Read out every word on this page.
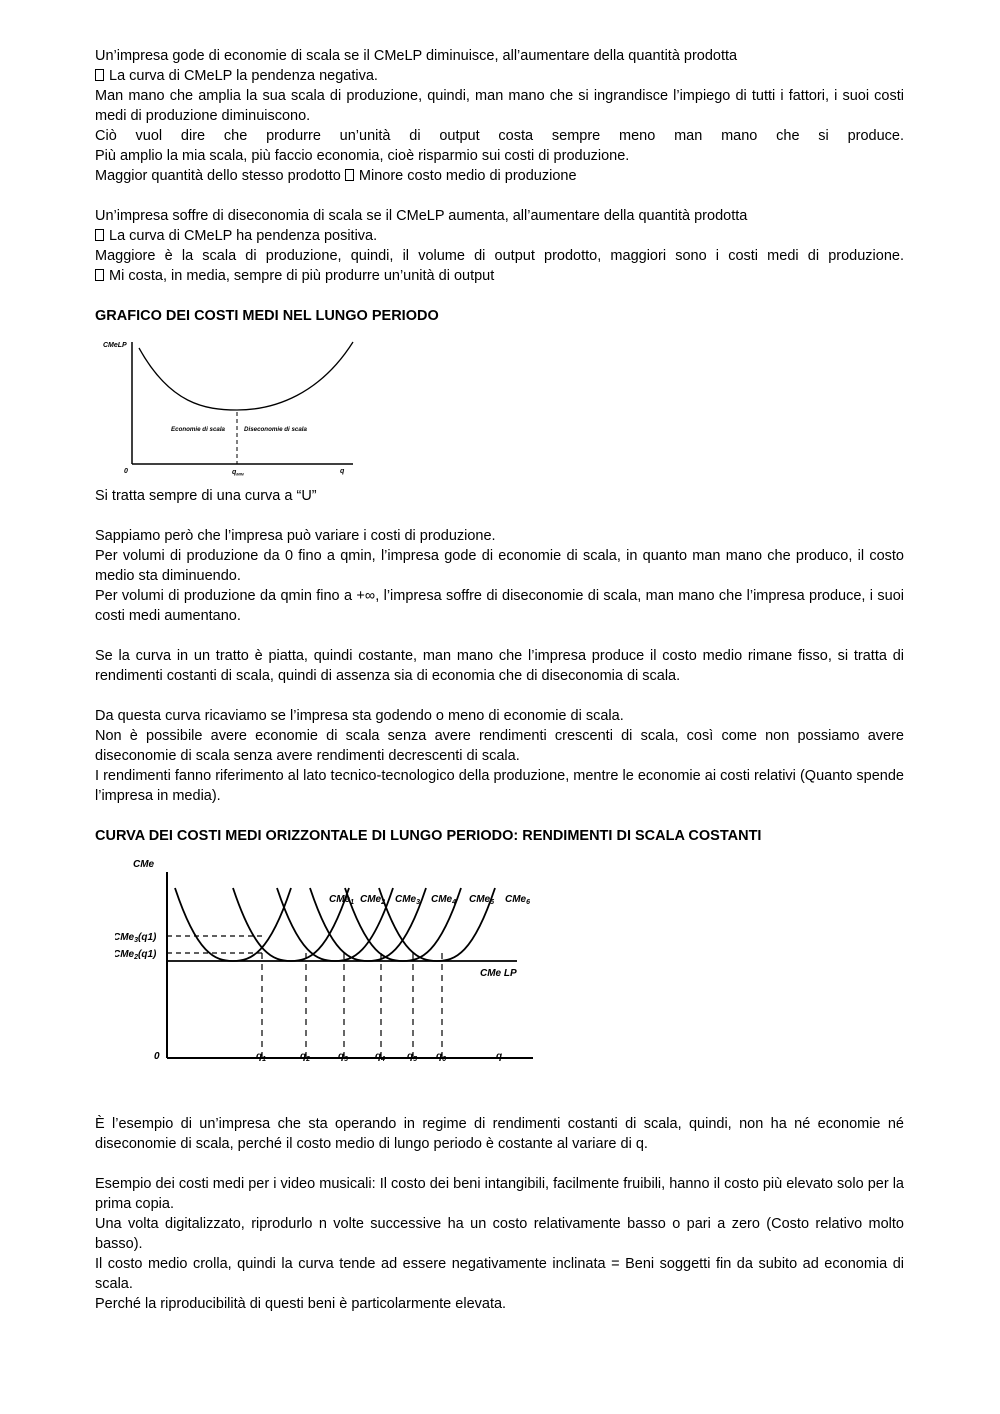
Un’impresa gode di economie di scala se il CMeLP diminuisce, all’aumentare della quantità prodotta

La curva di CMeLP la pendenza negativa.

Man mano che amplia la sua scala di produzione, quindi, man mano che si ingrandisce l’impiego di tutti i fattori, i suoi costi medi di produzione diminuiscono.

Ciò vuol dire che produrre un’unità di output costa sempre meno man mano che si produce.

Più amplio la mia scala, più faccio economia, cioè risparmio sui costi di produzione.

Maggior quantità dello stesso prodotto Minore costo medio di produzione

Un’impresa soffre di diseconomia di scala se il CMeLP aumenta, all’aumentare della quantità prodotta

La curva di CMeLP ha pendenza positiva.

Maggiore è la scala di produzione, quindi, il volume di output prodotto, maggiori sono i costi medi di produzione.

Mi costa, in media, sempre di più produrre un’unità di output

GRAFICO DEI COSTI MEDI NEL LUNGO PERIODO

CMeLP
0	q
$q_{MIN}$
Economie di scala	Diseconomie di scala

Si tratta sempre di una curva a “U”

Sappiamo però che l’impresa può variare i costi di produzione.

Per volumi di produzione da 0 fino a qmin, l’impresa gode di economie di scala, in quanto man mano che produco, il costo medio sta diminuendo.

Per volumi di produzione da qmin fino a +∞, l’impresa soffre di diseconomie di scala, man mano che l’impresa produce, i suoi costi medi aumentano.

Se la curva in un tratto è piatta, quindi costante, man mano che l’impresa produce il costo medio rimane fisso, si tratta di rendimenti costanti di scala, quindi di assenza sia di economia che di diseconomia di scala.

Da questa curva ricaviamo se l’impresa sta godendo o meno di economie di scala.

Non è possibile avere economie di scala senza avere rendimenti crescenti di scala, così come non possiamo avere diseconomie di scala senza avere rendimenti decrescenti di scala.

I rendimenti fanno riferimento al lato tecnico-tecnologico della produzione, mentre le economie ai costi relativi (Quanto spende l’impresa in media).

CURVA DEI COSTI MEDI ORIZZONTALE DI LUNGO PERIODO: RENDIMENTI DI SCALA COSTANTI

CMe
CMe$_3$(q1)
CMe$_2$(q1)
CMe LP
0	q
CMe$_1$ CMe$_2$ CMe$_3$ CMe$_4$ CMe$_5$ CMe$_6$
$q_1$	$q_2$	$q_3$	$q_4$ $q_5$ $q_6$

È l’esempio di un’impresa che sta operando in regime di rendimenti costanti di scala, quindi, non ha né economie né diseconomie di scala, perché il costo medio di lungo periodo è costante al variare di q.

Esempio dei costi medi per i video musicali: Il costo dei beni intangibili, facilmente fruibili, hanno il costo più elevato solo per la prima copia.

Una volta digitalizzato, riprodurlo n volte successive ha un costo relativamente basso o pari a zero (Costo relativo molto basso).

Il costo medio crolla, quindi la curva tende ad essere negativamente inclinata = Beni soggetti fin da subito ad economia di scala.

Perché la riproducibilità di questi beni è particolarmente elevata.
